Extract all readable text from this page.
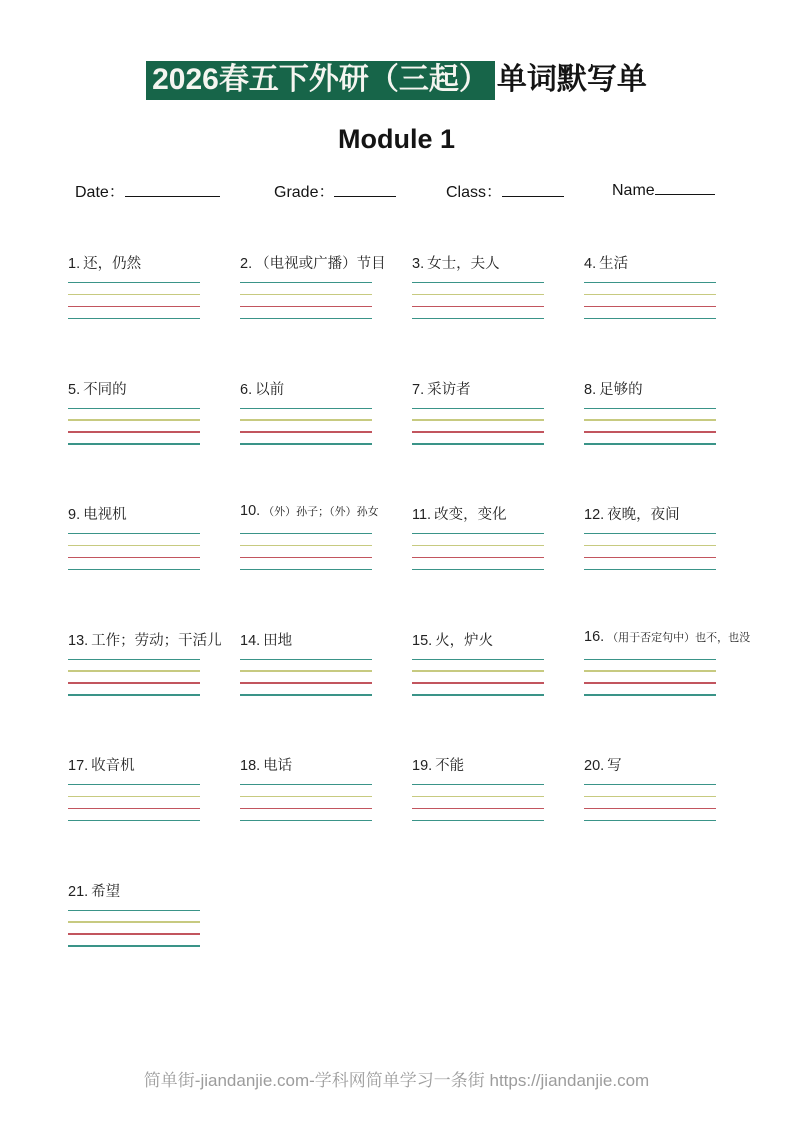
2026春五下外研（三起） 单词默写单
Module 1
Date：	Grade：	Class：	Name
1. 还，仍然	2. （电视或广播）节目	3. 女士，夫人	4. 生活
5. 不同的	6. 以前	7. 采访者	8. 足够的
9. 电视机	10. （外）孙子；（外）孙女	11. 改变，变化	12. 夜晚，夜间
13. 工作；劳动；干活儿	14. 田地	15. 火，炉火	16. （用于否定句中）也不，也没
17. 收音机	18. 电话	19. 不能	20. 写
21. 希望
简单街-jiandanjie.com-学科网简单学习一条街 https://jiandanjie.com
